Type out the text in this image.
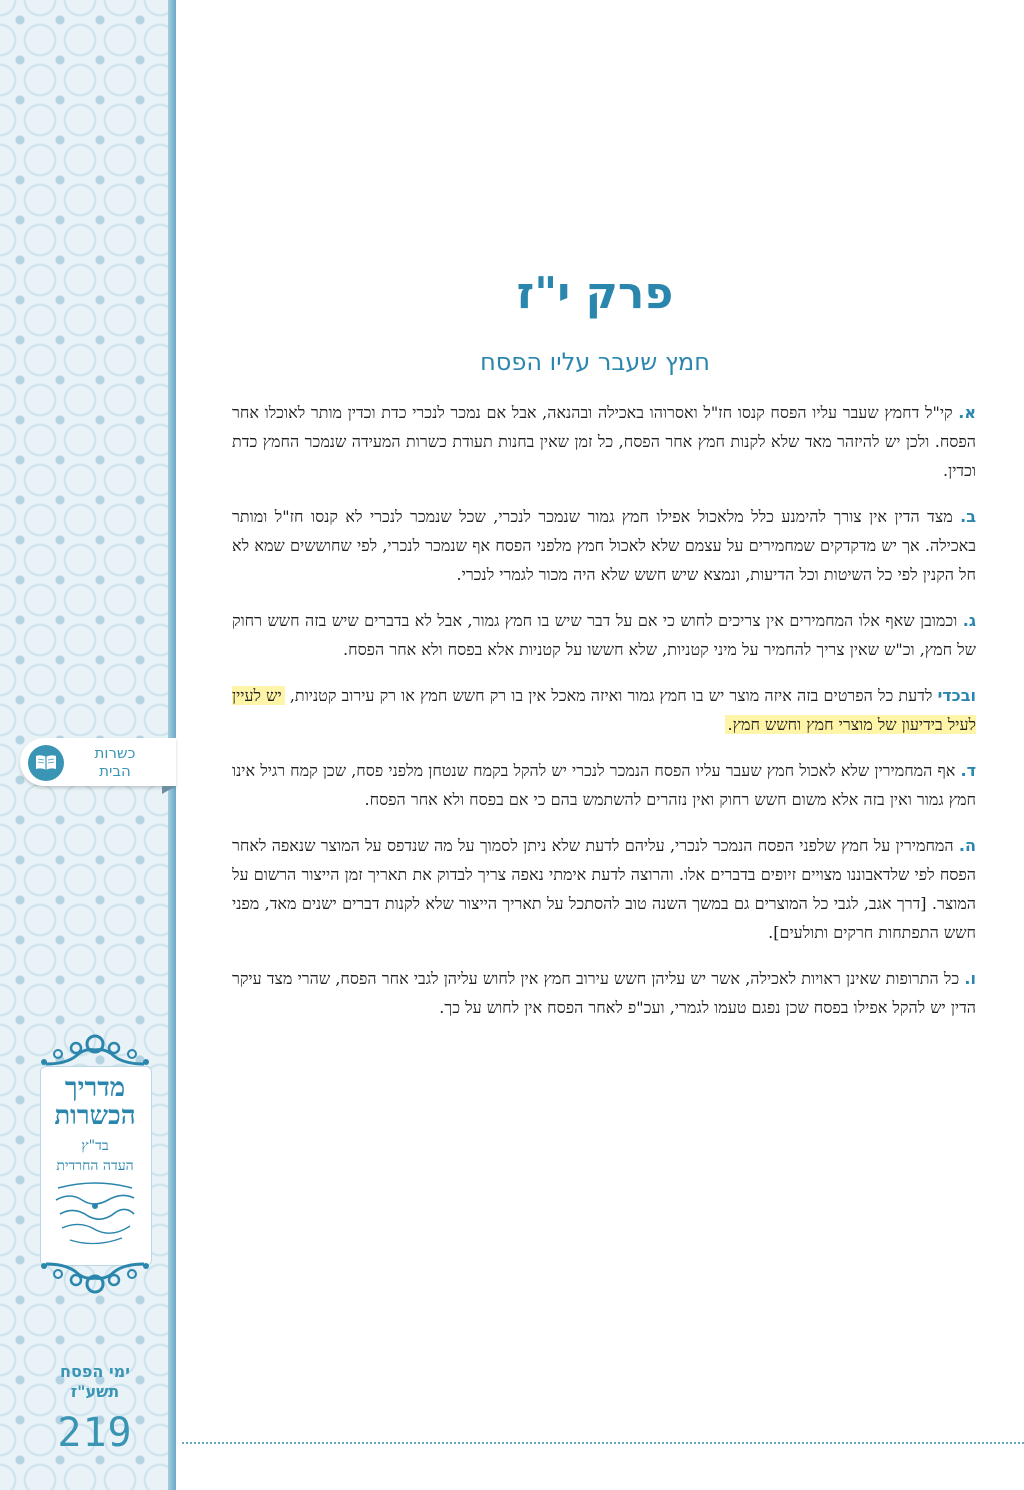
כשרות
הבית
מדריך
הכשרות
בד"ץ
העדה החרדית
ימי הפסח
תשע"ז
219
פרק י"ז
חמץ שעבר עליו הפסח

א. קי"ל דחמץ שעבר עליו הפסח קנסו חז"ל ואסרוהו באכילה ובהנאה, אבל אם נמכר לנכרי כדת וכדין מותר לאוכלו אחר הפסח. ולכן יש להיזהר מאד שלא לקנות חמץ אחר הפסח, כל זמן שאין בחנות תעודת כשרות המעידה שנמכר החמץ כדת וכדין.

ב. מצד הדין אין צורך להימנע כלל מלאכול אפילו חמץ גמור שנמכר לנכרי, שכל שנמכר לנכרי לא קנסו חז"ל ומותר באכילה. אך יש מדקדקים שמחמירים על עצמם שלא לאכול חמץ מלפני הפסח אף שנמכר לנכרי, לפי שחוששים שמא לא חל הקנין לפי כל השיטות וכל הדיעות, ונמצא שיש חשש שלא היה מכור לגמרי לנכרי.

ג. וכמובן שאף אלו המחמירים אין צריכים לחוש כי אם על דבר שיש בו חמץ גמור, אבל לא בדברים שיש בזה חשש רחוק של חמץ, וכ"ש שאין צריך להחמיר על מיני קטניות, שלא חששו על קטניות אלא בפסח ולא אחר הפסח.

ובכדי לדעת כל הפרטים בזה איזה מוצר יש בו חמץ גמור ואיזה מאכל אין בו רק חשש חמץ או רק עירוב קטניות, יש לעיין לעיל בידיעון של מוצרי חמץ וחשש חמץ.

ד. אף המחמירין שלא לאכול חמץ שעבר עליו הפסח הנמכר לנכרי יש להקל בקמח שנטחן מלפני פסח, שכן קמח רגיל אינו חמץ גמור ואין בזה אלא משום חשש רחוק ואין נזהרים להשתמש בהם כי אם בפסח ולא אחר הפסח.

ה. המחמירין על חמץ שלפני הפסח הנמכר לנכרי, עליהם לדעת שלא ניתן לסמוך על מה שנדפס על המוצר שנאפה לאחר הפסח לפי שלדאבוננו מצויים זיופים בדברים אלו. והרוצה לדעת אימתי נאפה צריך לבדוק את תאריך זמן הייצור הרשום על המוצר. [דרך אגב, לגבי כל המוצרים גם במשך השנה טוב להסתכל על תאריך הייצור שלא לקנות דברים ישנים מאד, מפני חשש התפתחות חרקים ותולעים].

ו. כל התרופות שאינן ראויות לאכילה, אשר יש עליהן חשש עירוב חמץ אין לחוש עליהן לגבי אחר הפסח, שהרי מצד עיקר הדין יש להקל אפילו בפסח שכן נפגם טעמו לגמרי, ועכ"פ לאחר הפסח אין לחוש על כך.
